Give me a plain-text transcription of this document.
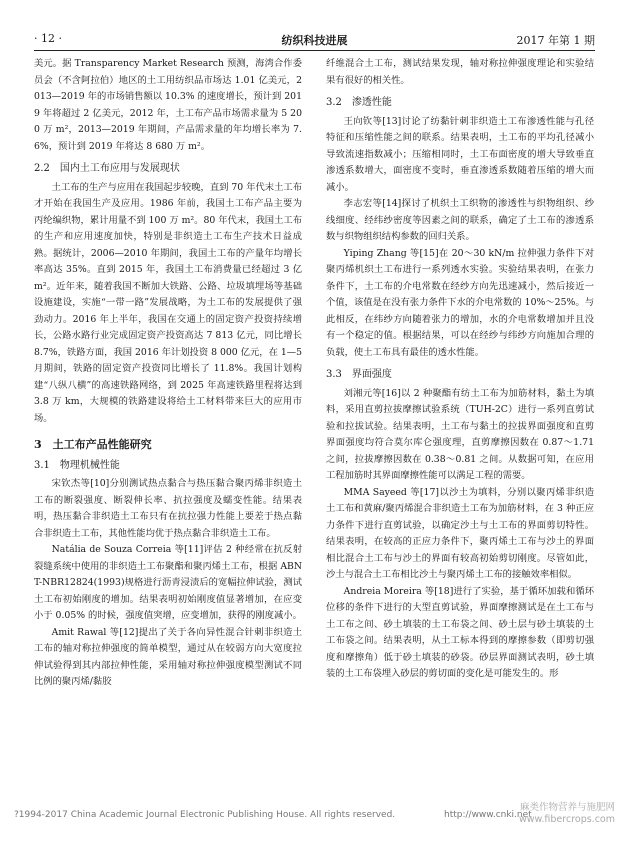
· 12 ·	纺织科技进展	2017 年第 1 期

美元。据 Transparency Market Research 预测，海湾合作委员会（不含阿拉伯）地区的土工用纺织品市场达 1.01 亿美元，2013—2019 年的市场销售额以 10.3% 的速度增长，预计到 2019 年将超过 2 亿美元，2012 年，土工布产品市场需求量为 5 200 万 m²，2013—2019 年期间，产品需求量的年均增长率为 7.6%，预计到 2019 年将达 8 680 万 m²。

2.2　国内土工布应用与发展现状

土工布的生产与应用在我国起步较晚，直到 70 年代末土工布才开始在我国生产及应用。1986 年前，我国土工布产品主要为丙纶编织物，累计用量不到 100 万 m²。80 年代末，我国土工布的生产和应用速度加快，特别是非织造土工布生产技术日益成熟。据统计，2006—2010 年期间，我国土工布的产量年均增长率高达 35%。直到 2015 年，我国土工布消费量已经超过 3 亿 m²。近年来，随着我国不断加大铁路、公路、垃圾填埋场等基础设施建设，实施“一带一路”发展战略，为土工布的发展提供了强劲动力。2016 年上半年，我国在交通上的固定资产投资持续增长，公路水路行业完成固定资产投资高达 7 813 亿元，同比增长 8.7%，铁路方面，我国 2016 年计划投资 8 000 亿元，在 1—5 月期间，铁路的固定资产投资同比增长了 11.8%。我国计划构建“八纵八横”的高速铁路网络，到 2025 年高速铁路里程将达到 3.8 万 km，大规模的铁路建设将给土工材料带来巨大的应用市场。

3　土工布产品性能研究
3.1　物理机械性能

宋钦杰等[10]分别测试热点黏合与热压黏合聚丙烯非织造土工布的断裂强度、断裂伸长率、抗拉强度及蠕变性能。结果表明，热压黏合非织造土工布只有在抗拉强力性能上要差于热点黏合非织造土工布，其他性能均优于热点黏合非织造土工布。

Natália de Souza Correia 等[11]评估 2 种经常在抗反射裂缝系统中使用的非织造土工布聚酯和聚丙烯土工布，根据 ABNT-NBR12824(1993)规格进行沥青浸渍后的宽幅拉伸试验，测试土工布初始刚度的增加。结果表明初始刚度值显著增加，在应变小于 0.05% 的时候，强度值突增，应变增加，获得的刚度减小。

Amit Rawal 等[12]提出了关于各向异性混合针刺非织造土工布的轴对称拉伸强度的简单模型，通过从在较弱方向大宽度拉伸试验得到其内部拉伸性能，采用轴对称拉伸强度模型测试不同比例的聚丙烯/黏胶

纤维混合土工布，测试结果发现，轴对称拉伸强度理论和实验结果有很好的相关性。

3.2　渗透性能

王向钦等[13]讨论了纺黏针刺非织造土工布渗透性能与孔径特征和压缩性能之间的联系。结果表明，土工布的平均孔径减小导致流速指数减小；压缩相同时，土工布面密度的增大导致垂直渗透系数增大，面密度不变时，垂直渗透系数随着压缩的增大而减小。

李志宏等[14]探讨了机织土工织物的渗透性与织物组织、纱线细度、经纬纱密度等因素之间的联系，确定了土工布的渗透系数与织物组织结构参数的回归关系。

Yiping Zhang 等[15]在 20～30 kN/m 拉伸强力条件下对聚丙烯机织土工布进行一系列透水实验。实验结果表明，在张力条件下，土工布的介电常数在经纱方向先迅速减小，然后接近一个值，该值是在没有张力条件下水的介电常数的 10%～25%。与此相反，在纬纱方向随着张力的增加，水的介电常数增加并且没有一个稳定的值。根据结果，可以在经纱与纬纱方向施加合理的负载，使土工布具有最佳的透水性能。

3.3　界面强度

刘湘元等[16]以 2 种聚酯有纺土工布为加筋材料，黏土为填料，采用直剪拉拔摩擦试验系统（TUH-2C）进行一系列直剪试验和拉拔试验。结果表明，土工布与黏土的拉拔界面强度和直剪界面强度均符合莫尔库仑强度理，直剪摩擦因数在 0.87～1.71 之间，拉拔摩擦因数在 0.38～0.81 之间。从数据可知，在应用工程加筋时其界面摩擦性能可以满足工程的需要。

MMA Sayeed 等[17]以沙土为填料，分别以聚丙烯非织造土工布和黄麻/聚丙烯混合非织造土工布为加筋材料，在 3 种正应力条件下进行直剪试验，以确定沙土与土工布的界面剪切特性。结果表明，在较高的正应力条件下，聚丙烯土工布与沙土的界面相比混合土工布与沙土的界面有较高初始剪切刚度。尽管如此，沙土与混合土工布相比沙土与聚丙烯土工布的接触效率相似。

Andreia Moreira 等[18]进行了实验，基于循环加载和循环位移的条件下进行的大型直剪试验，界面摩擦测试是在土工布与土工布之间、砂土填装的土工布袋之间、砂土层与砂土填装的土工布袋之间。结果表明，从土工标本得到的摩擦参数（即剪切强度和摩擦角）低于砂土填装的砂袋。砂层界面测试表明，砂土填装的土工布袋埋入砂层的剪切面的变化是可能发生的。形

?1994-2017 China Academic Journal Electronic Publishing House. All rights reserved.	http://www.cnki.net
麻类作物营养与施肥网
www.fibercrops.com
